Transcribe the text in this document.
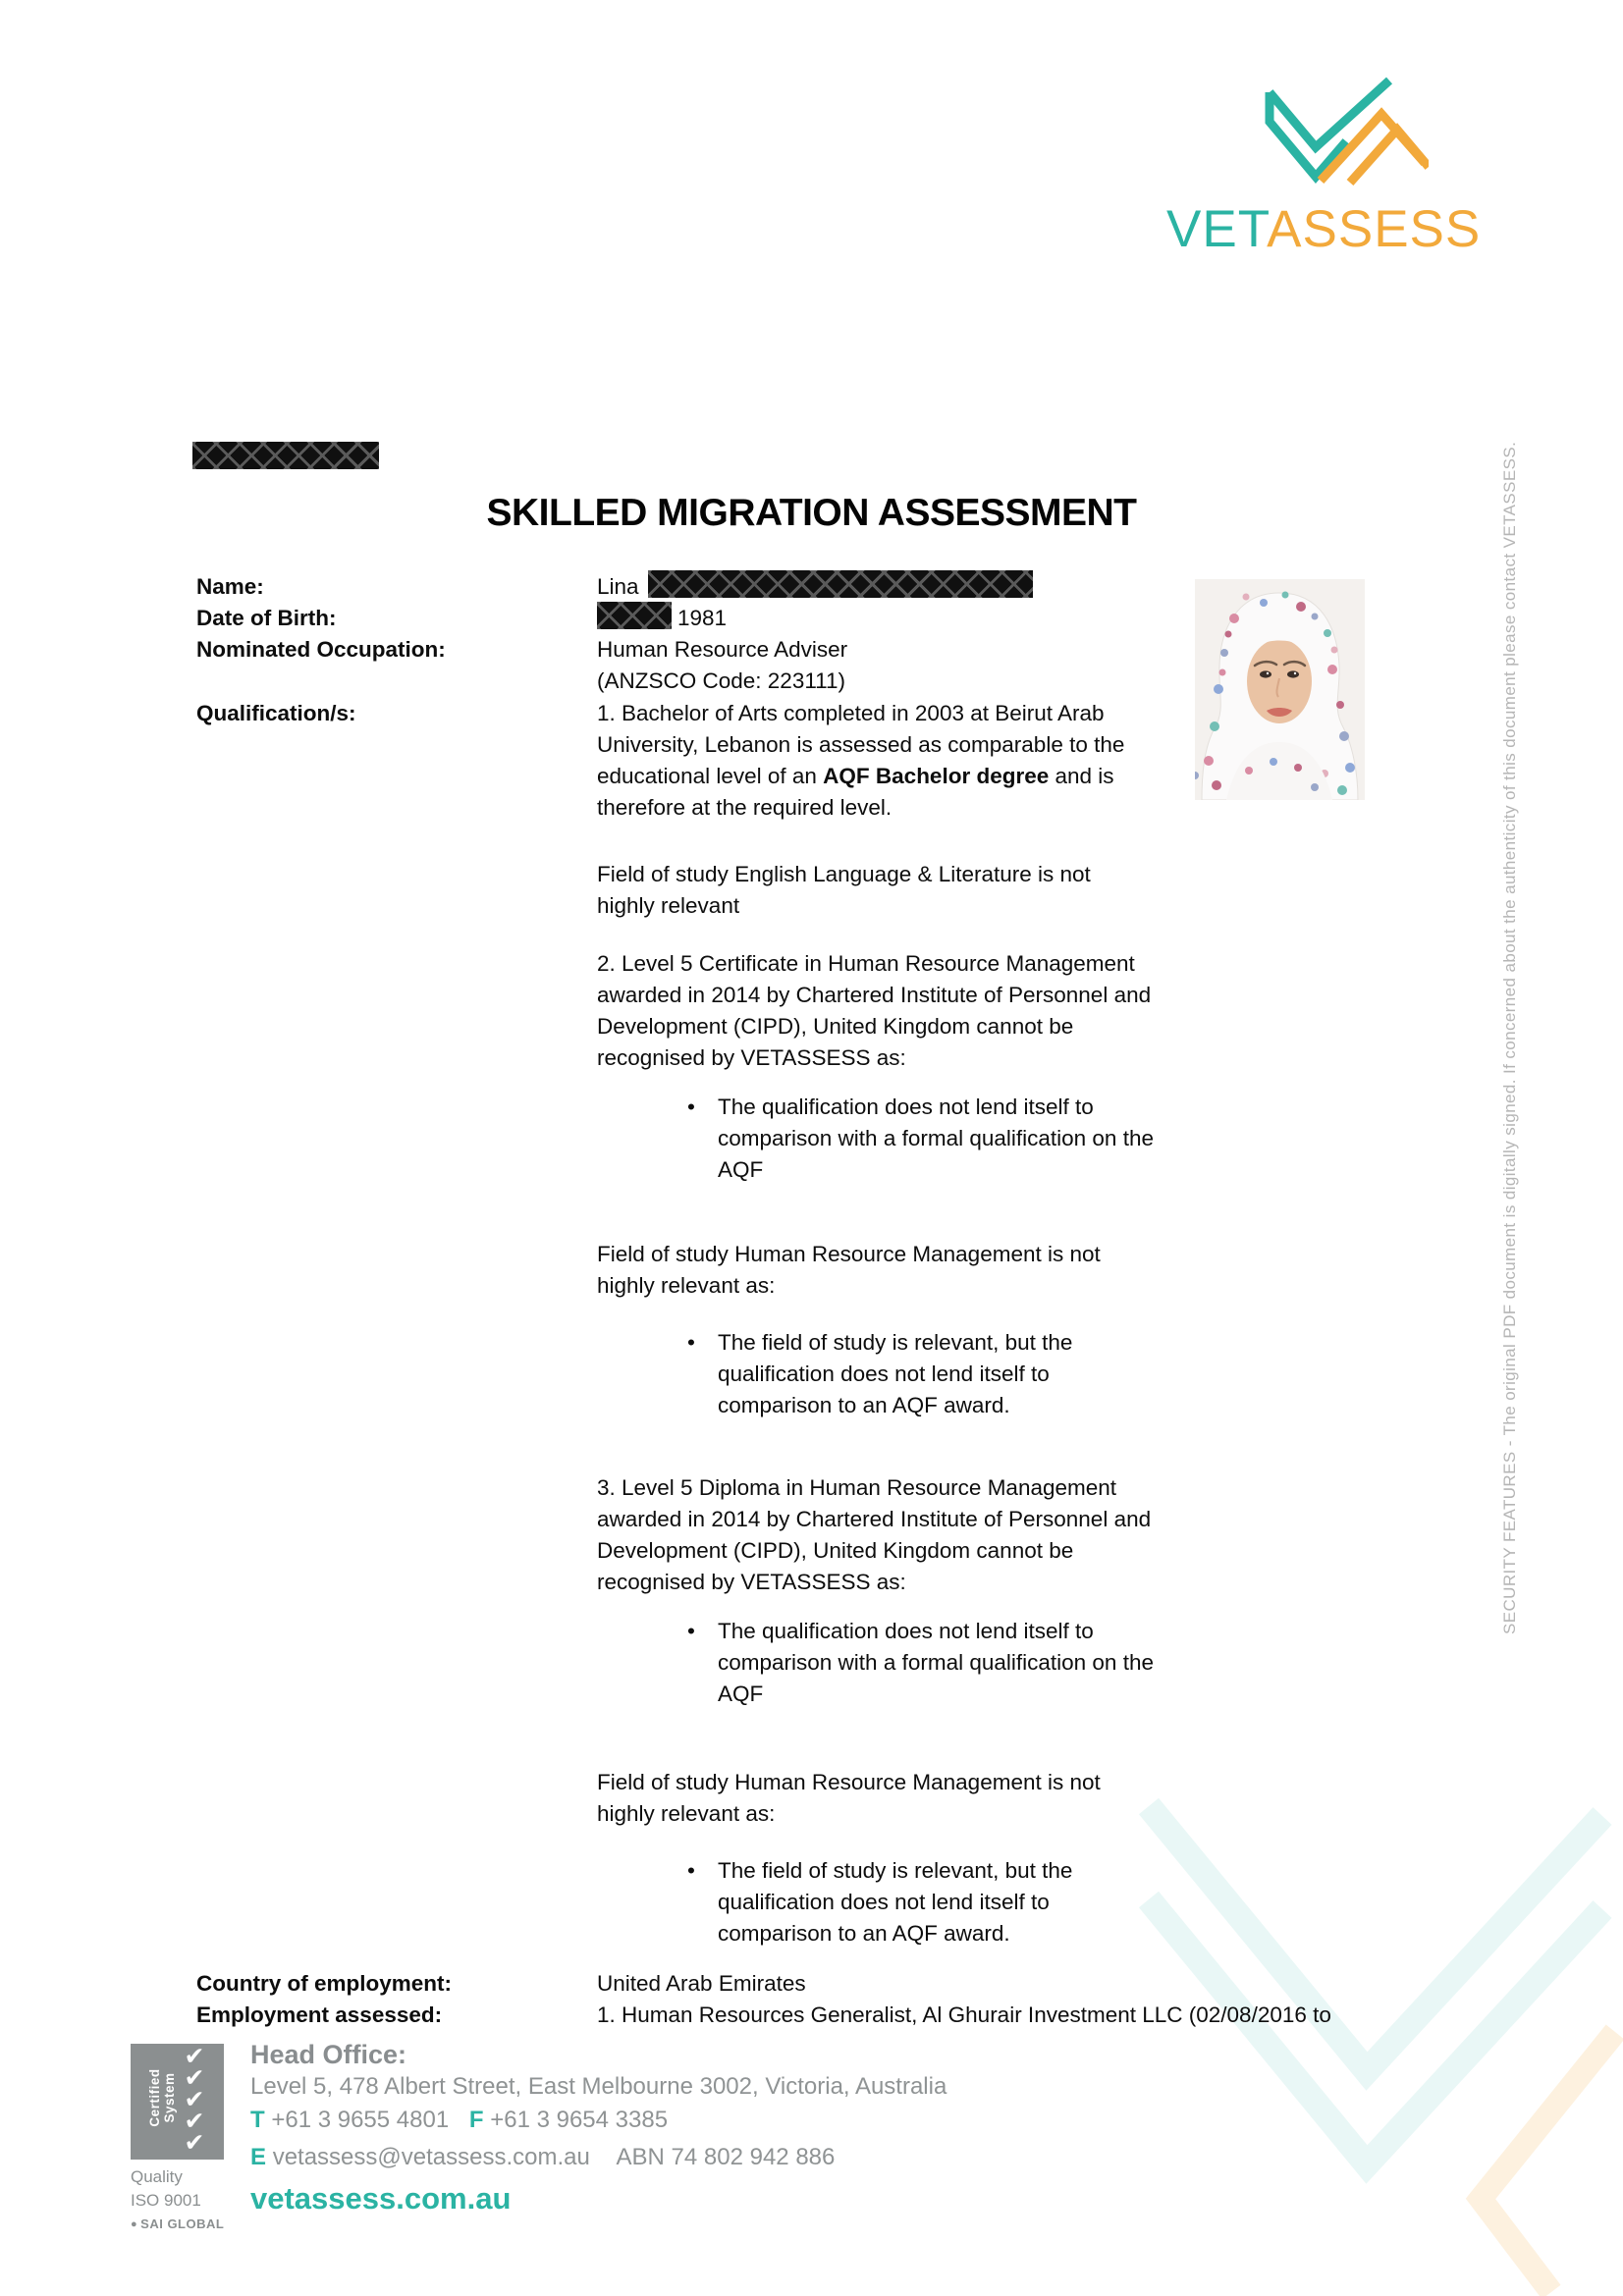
VETASSESS
SECURITY FEATURES - The original PDF document is digitally signed. If concerned about the authenticity of this document please contact VETASSESS.
SKILLED MIGRATION ASSESSMENT
Name:
Date of Birth:
Nominated Occupation:
Qualification/s:
Lina
1981
Human Resource Adviser
(ANZSCO Code: 223111)
1. Bachelor of Arts completed in 2003 at Beirut Arab
University, Lebanon is assessed as comparable to the
educational level of an AQF Bachelor degree and is
therefore at the required level.
Field of study English Language & Literature is not
highly relevant
2. Level 5 Certificate in Human Resource Management
awarded in 2014 by Chartered Institute of Personnel and
Development (CIPD), United Kingdom cannot be
recognised by VETASSESS as:
• The qualification does not lend itself to
comparison with a formal qualification on the
AQF
Field of study Human Resource Management is not
highly relevant as:
• The field of study is relevant, but the
qualification does not lend itself to
comparison to an AQF award.
3. Level 5 Diploma in Human Resource Management
awarded in 2014 by Chartered Institute of Personnel and
Development (CIPD), United Kingdom cannot be
recognised by VETASSESS as:
• The qualification does not lend itself to
comparison with a formal qualification on the
AQF
Field of study Human Resource Management is not
highly relevant as:
• The field of study is relevant, but the
qualification does not lend itself to
comparison to an AQF award.
Country of employment:	United Arab Emirates
Employment assessed:	1. Human Resources Generalist, Al Ghurair Investment LLC (02/08/2016 to
Certified System
✔
✔
✔
✔
✔
Quality
ISO 9001
● SAI GLOBAL
Head Office:
Level 5, 478 Albert Street, East Melbourne 3002, Victoria, Australia
T +61 3 9655 4801 F +61 3 9654 3385
E vetassess@vetassess.com.au ABN 74 802 942 886
vetassess.com.au
